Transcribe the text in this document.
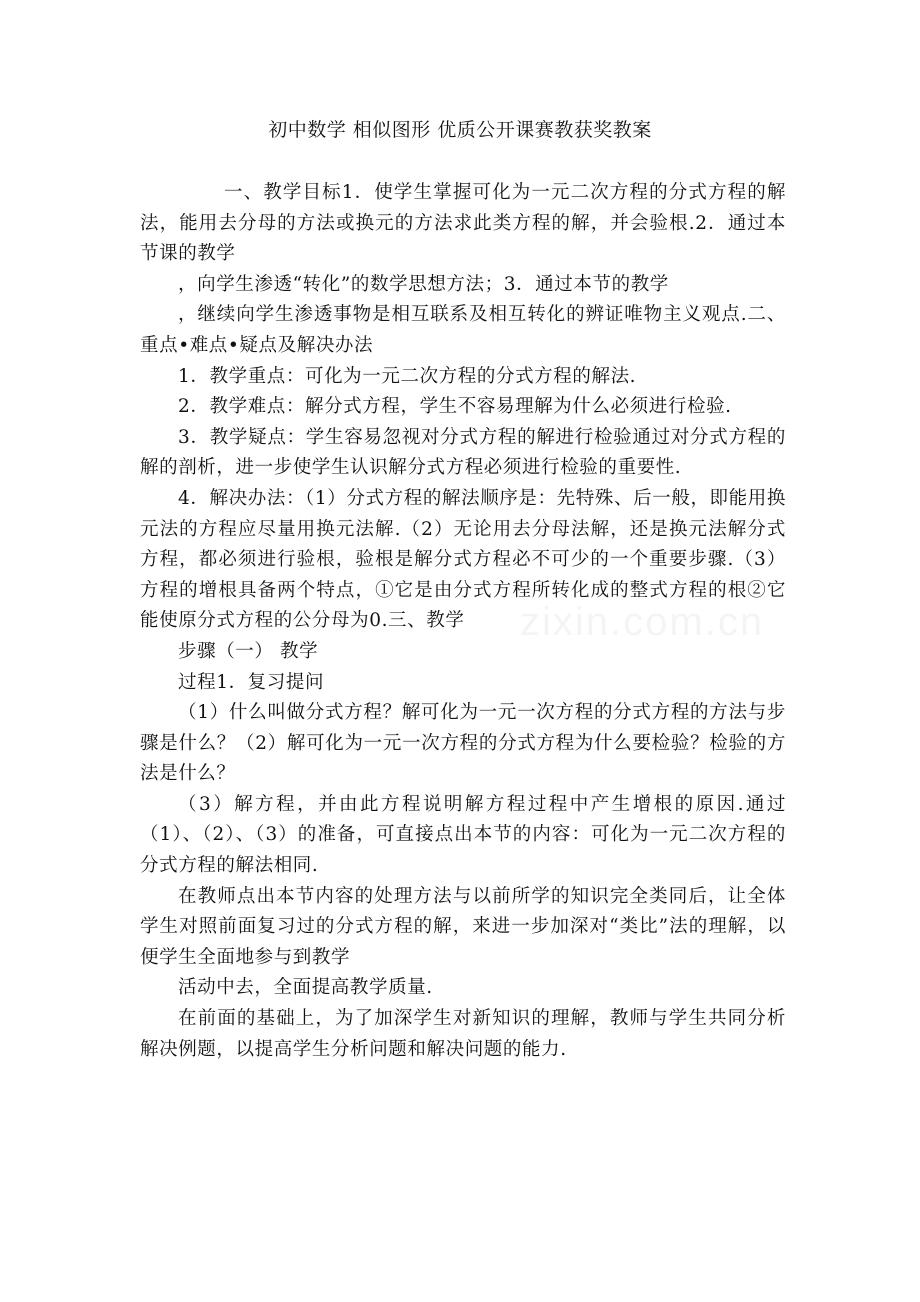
初中数学 相似图形 优质公开课赛教获奖教案

一、教学目标1．使学生掌握可化为一元二次方程的分式方程的解法，能用去分母的方法或换元的方法求此类方程的解，并会验根.2．通过本节课的教学

，向学生渗透“转化”的数学思想方法；3．通过本节的教学

，继续向学生渗透事物是相互联系及相互转化的辨证唯物主义观点.二、重点•难点•疑点及解决办法

1．教学重点：可化为一元二次方程的分式方程的解法.

2．教学难点：解分式方程，学生不容易理解为什么必须进行检验.

3．教学疑点：学生容易忽视对分式方程的解进行检验通过对分式方程的解的剖析，进一步使学生认识解分式方程必须进行检验的重要性.

4．解决办法：（1）分式方程的解法顺序是：先特殊、后一般，即能用换元法的方程应尽量用换元法解.（2）无论用去分母法解，还是换元法解分式方程，都必须进行验根，验根是解分式方程必不可少的一个重要步骤.（3）方程的增根具备两个特点，①它是由分式方程所转化成的整式方程的根②它能使原分式方程的公分母为0.三、教学

步骤（一） 教学

过程1．复习提问

（1）什么叫做分式方程？解可化为一元一次方程的分式方程的方法与步骤是什么？（2）解可化为一元一次方程的分式方程为什么要检验？检验的方法是什么？

（3）解方程，并由此方程说明解方程过程中产生增根的原因.通过（1）、（2）、（3）的准备，可直接点出本节的内容：可化为一元二次方程的分式方程的解法相同.

在教师点出本节内容的处理方法与以前所学的知识完全类同后，让全体学生对照前面复习过的分式方程的解，来进一步加深对“类比”法的理解，以便学生全面地参与到教学

活动中去，全面提高教学质量.

在前面的基础上，为了加深学生对新知识的理解，教师与学生共同分析解决例题，以提高学生分析问题和解决问题的能力.
